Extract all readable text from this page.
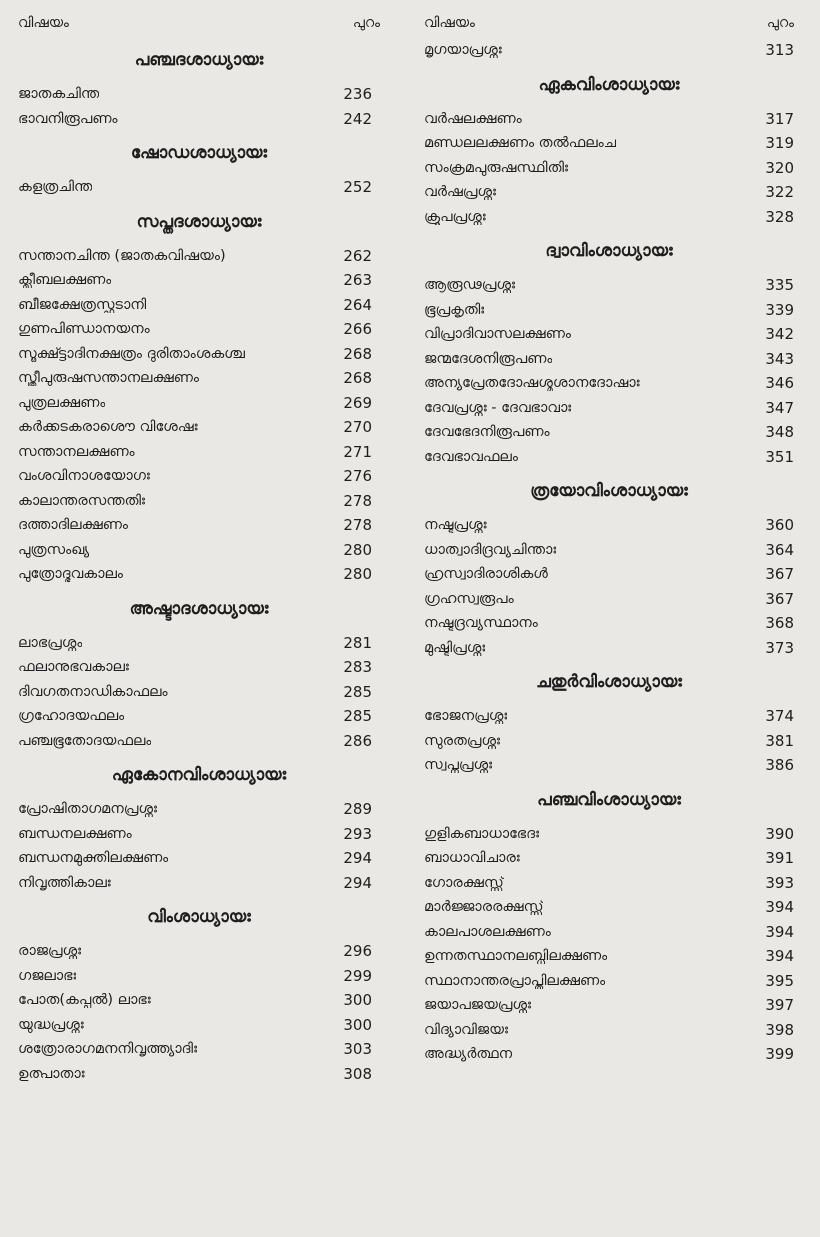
വിഷയം	പുറം
പഞ്ചദശാധ്യായഃ
ജാതകചിന്ത	236
ഭാവനിരൂപണം	242
ഷോഡശാധ്യായഃ
കളത്രചിന്ത	252
സപ്തദശാധ്യായഃ
സന്താനചിന്ത (ജാതകവിഷയം)	262
ക്ലീബലക്ഷണം	263
ബീജക്ഷേത്രസ്ഫുടാനി	264
ഗുണപിണ്ഡാനയനം	266
സൂക്ഷ്ട്ടാദിനക്ഷത്രം ദുരിതാംശകശ്ച	268
സ്ത്രീപുരുഷസന്താനലക്ഷണം	268
പുത്രലക്ഷണം	269
കർക്കടകരാശൌ വിശേഷഃ	270
സന്താനലക്ഷണം	271
വംശവിനാശയോഗഃ	276
കാലാന്തരസന്തതിഃ	278
ദത്താദിലക്ഷണം	278
പുത്രസംഖ്യ	280
പുത്രോദ്ഭവകാലം	280
അഷ്ടാദശാധ്യായഃ
ലാഭപ്രശ്നം	281
ഫലാനുഭവകാലഃ	283
ദിവഗതനാഡികാഫലം	285
ഗ്രഹോദയഫലം	285
പഞ്ചഭൂതോദയഫലം	286
ഏകോനവിംശാധ്യായഃ
പ്രോഷിതാഗമനപ്രശ്നഃ	289
ബന്ധനലക്ഷണം	293
ബന്ധനമുക്തിലക്ഷണം	294
നിവൃത്തികാലഃ	294
വിംശാധ്യായഃ
രാജപ്രശ്നഃ	296
ഗജലാഭഃ	299
പോത(കപ്പൽ) ലാഭഃ	300
യുദ്ധപ്രശ്നഃ	300
ശത്രോരാഗമനനിവൃത്ത്യാദിഃ	303
ഉത്പാതാഃ	308
വിഷയം	പുറം
മൃഗയാപ്രശ്നഃ	313
ഏകവിംശാധ്യായഃ
വർഷലക്ഷണം	317
മണ്ഡലലക്ഷണം തൽഫലംച	319
സംക്രമപുരുഷസ്ഥിതിഃ	320
വർഷപ്രശ്നഃ	322
ക്രൂപപ്രശ്നഃ	328
ദ്വാവിംശാധ്യായഃ
ആരൂഢപ്രശ്നഃ	335
ഭൂപ്രകൃതിഃ	339
വിപ്രാദിവാസലക്ഷണം	342
ജന്മദേശനിരൂപണം	343
അന്യപ്രേതദോഷശ്മശാനദോഷാഃ	346
ദേവപ്രശ്നഃ - ദേവഭാവാഃ	347
ദേവഭേദനിരൂപണം	348
ദേവഭാവഫലം	351
ത്രയോവിംശാധ്യായഃ
നഷ്ടപ്രശ്നഃ	360
ധാത്വാദിദ്രവ്യചിന്താഃ	364
ഹ്രസ്വാദിരാശികൾ	367
ഗ്രഹസ്വരൂപം	367
നഷ്ടദ്രവ്യസ്ഥാനം	368
മുഷ്ടിപ്രശ്നഃ	373
ചതുർവിംശാധ്യായഃ
ഭോജനപ്രശ്നഃ	374
സുരതപ്രശ്നഃ	381
സ്വപ്നപ്രശ്നഃ	386
പഞ്ചവിംശാധ്യായഃ
ഗുളികബാധാഭേദഃ	390
ബാധാവിചാരഃ	391
ഗോരക്ഷസ്സ്	393
മാർജ്ജാരരക്ഷസ്സ്	394
കാലപാശലക്ഷണം	394
ഉന്നതസ്ഥാനലബ്ധിലക്ഷണം	394
സ്ഥാനാന്തരപ്രാപ്തിലക്ഷണം	395
ജയാപജയപ്രശ്നഃ	397
വിദ്യാവിജയഃ	398
അദ്ധ്യർത്ഥന	399
